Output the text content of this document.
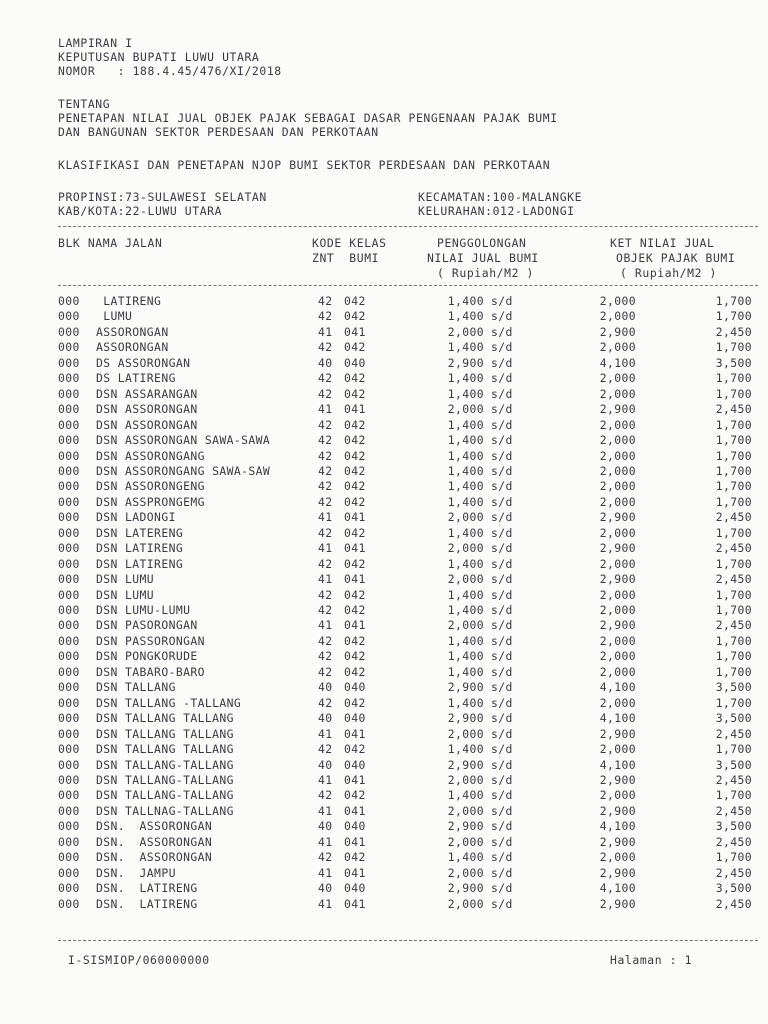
LAMPIRAN I
KEPUTUSAN BUPATI LUWU UTARA
NOMOR   : 188.4.45/476/XI/2018
TENTANG
PENETAPAN NILAI JUAL OBJEK PAJAK SEBAGAI DASAR PENGENAAN PAJAK BUMI
DAN BANGUNAN SEKTOR PERDESAAN DAN PERKOTAAN
KLASIFIKASI DAN PENETAPAN NJOP BUMI SEKTOR PERDESAAN DAN PERKOTAAN
PROPINSI:73-SULAWESI SELATAN
KAB/KOTA:22-LUWU UTARA
KECAMATAN:100-MALANGKE
KELURAHAN:012-LADONGI
BLK NAMA JALAN	KODE KELAS
ZNT  BUMI
PENGGOLONGAN
NILAI JUAL BUMI
( Rupiah/M2 )
KET NILAI JUAL
OBJEK PAJAK BUMI
( Rupiah/M2 )
000 LATIRENG	42 042	1,400 s/d	2,000	1,700
000 LUMU	42 042	1,400 s/d	2,000	1,700
000 ASSORONGAN	41 041	2,000 s/d	2,900	2,450
000 ASSORONGAN	42 042	1,400 s/d	2,000	1,700
000 DS ASSORONGAN	40 040	2,900 s/d	4,100	3,500
000 DS LATIRENG	42 042	1,400 s/d	2,000	1,700
000 DSN ASSARANGAN	42 042	1,400 s/d	2,000	1,700
000 DSN ASSORONGAN	41 041	2,000 s/d	2,900	2,450
000 DSN ASSORONGAN	42 042	1,400 s/d	2,000	1,700
000 DSN ASSORONGAN SAWA-SAWA	42 042	1,400 s/d	2,000	1,700
000 DSN ASSORONGANG	42 042	1,400 s/d	2,000	1,700
000 DSN ASSORONGANG SAWA-SAW	42 042	1,400 s/d	2,000	1,700
000 DSN ASSORONGENG	42 042	1,400 s/d	2,000	1,700
000 DSN ASSPRONGEMG	42 042	1,400 s/d	2,000	1,700
000 DSN LADONGI	41 041	2,000 s/d	2,900	2,450
000 DSN LATERENG	42 042	1,400 s/d	2,000	1,700
000 DSN LATIRENG	41 041	2,000 s/d	2,900	2,450
000 DSN LATIRENG	42 042	1,400 s/d	2,000	1,700
000 DSN LUMU	41 041	2,000 s/d	2,900	2,450
000 DSN LUMU	42 042	1,400 s/d	2,000	1,700
000 DSN LUMU-LUMU	42 042	1,400 s/d	2,000	1,700
000 DSN PASORONGAN	41 041	2,000 s/d	2,900	2,450
000 DSN PASSORONGAN	42 042	1,400 s/d	2,000	1,700
000 DSN PONGKORUDE	42 042	1,400 s/d	2,000	1,700
000 DSN TABARO-BARO	42 042	1,400 s/d	2,000	1,700
000 DSN TALLANG	40 040	2,900 s/d	4,100	3,500
000 DSN TALLANG -TALLANG	42 042	1,400 s/d	2,000	1,700
000 DSN TALLANG TALLANG	40 040	2,900 s/d	4,100	3,500
000 DSN TALLANG TALLANG	41 041	2,000 s/d	2,900	2,450
000 DSN TALLANG TALLANG	42 042	1,400 s/d	2,000	1,700
000 DSN TALLANG-TALLANG	40 040	2,900 s/d	4,100	3,500
000 DSN TALLANG-TALLANG	41 041	2,000 s/d	2,900	2,450
000 DSN TALLANG-TALLANG	42 042	1,400 s/d	2,000	1,700
000 DSN TALLNAG-TALLANG	41 041	2,000 s/d	2,900	2,450
000 DSN.  ASSORONGAN	40 040	2,900 s/d	4,100	3,500
000 DSN.  ASSORONGAN	41 041	2,000 s/d	2,900	2,450
000 DSN.  ASSORONGAN	42 042	1,400 s/d	2,000	1,700
000 DSN.  JAMPU	41 041	2,000 s/d	2,900	2,450
000 DSN.  LATIRENG	40 040	2,900 s/d	4,100	3,500
000 DSN.  LATIRENG	41 041	2,000 s/d	2,900	2,450
I-SISMIOP/060000000	Halaman : 1
